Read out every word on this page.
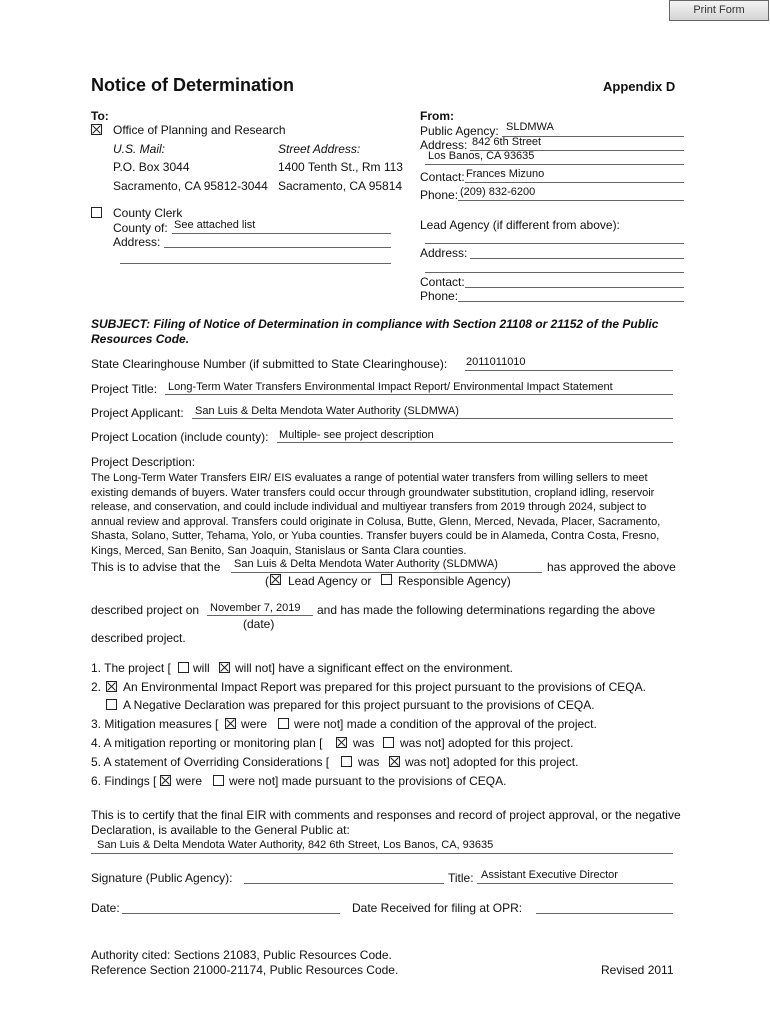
Print Form
Notice of Determination	Appendix D
To:
Office of Planning and Research
U.S. Mail:	Street Address:
P.O. Box 3044	1400 Tenth St., Rm 113
Sacramento, CA 95812-3044 Sacramento, CA 95814
County Clerk
County of: See attached list
Address:
From:
Public Agency: SLDMWA
Address: 842 6th Street
Los Banos, CA 93635
Contact: Frances Mizuno
Phone: (209) 832-6200
Lead Agency (if different from above):
Address:
Contact:
Phone:
SUBJECT: Filing of Notice of Determination in compliance with Section 21108 or 21152 of the Public
Resources Code.
State Clearinghouse Number (if submitted to State Clearinghouse): 2011011010
Project Title: Long-Term Water Transfers Environmental Impact Report/ Environmental Impact Statement
Project Applicant: San Luis & Delta Mendota Water Authority (SLDMWA)
Project Location (include county): Multiple- see project description
Project Description:
The Long-Term Water Transfers EIR/ EIS evaluates a range of potential water transfers from willing sellers to meet existing demands of buyers. Water transfers could occur through groundwater substitution, cropland idling, reservoir release, and conservation, and could include individual and multiyear transfers from 2019 through 2024, subject to annual review and approval. Transfers could originate in Colusa, Butte, Glenn, Merced, Nevada, Placer, Sacramento, Shasta, Solano, Sutter, Tehama, Yolo, or Yuba counties. Transfer buyers could be in Alameda, Contra Costa, Fresno, Kings, Merced, San Benito, San Joaquin, Stanislaus or Santa Clara counties.
This is to advise that the San Luis & Delta Mendota Water Authority (SLDMWA)	has approved the above
( Lead Agency or Responsible Agency)
described project on November 7, 2019 and has made the following determinations regarding the above
(date)
described project.
1. The project [ will will not] have a significant effect on the environment.
2. An Environmental Impact Report was prepared for this project pursuant to the provisions of CEQA.
A Negative Declaration was prepared for this project pursuant to the provisions of CEQA.
3. Mitigation measures [ were were not] made a condition of the approval of the project.
4. A mitigation reporting or monitoring plan [	was was not] adopted for this project.
5. A statement of Overriding Considerations [ was was not] adopted for this project.
6. Findings [ were were not] made pursuant to the provisions of CEQA.
This is to certify that the final EIR with comments and responses and record of project approval, or the negative Declaration, is available to the General Public at:
San Luis & Delta Mendota Water Authority, 842 6th Street, Los Banos, CA, 93635
Signature (Public Agency):	Title: Assistant Executive Director
Date:	Date Received for filing at OPR:
Authority cited: Sections 21083, Public Resources Code.
Reference Section 21000-21174, Public Resources Code.	Revised 2011
